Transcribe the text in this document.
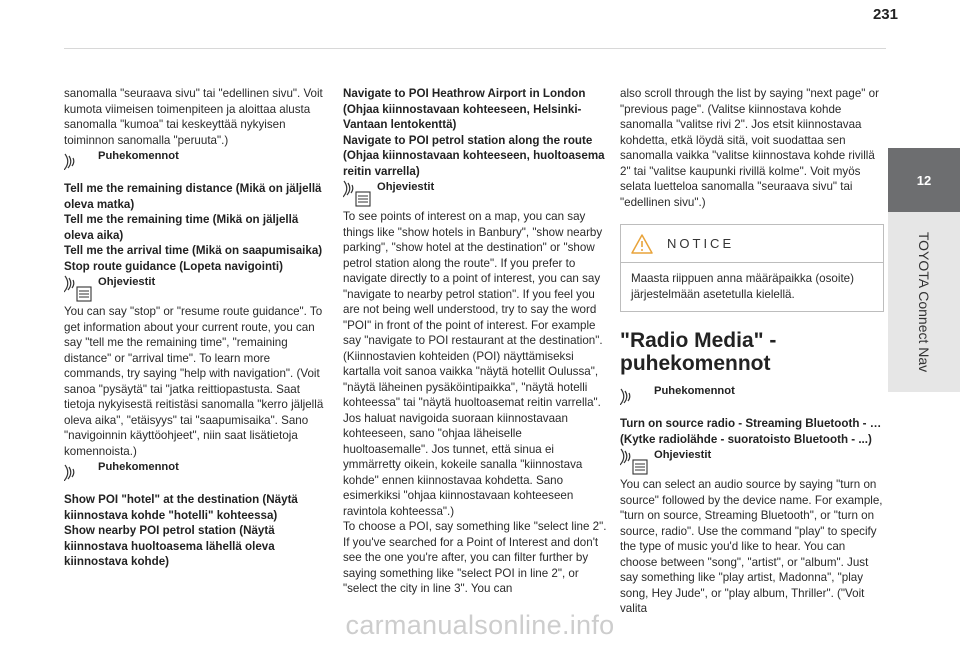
231
12
TOYOTA Connect Nav

sanomalla "seuraava sivu" tai "edellinen sivu". Voit kumota viimeisen toimenpiteen ja aloittaa alusta sanomalla "kumoa" tai keskeyttää nykyisen toiminnon sanomalla "peruuta".)

Puhekomennot

Tell me the remaining distance (Mikä on jäljellä oleva matka)

Tell me the remaining time (Mikä on jäljellä oleva aika)

Tell me the arrival time (Mikä on saapumisaika)

Stop route guidance (Lopeta navigointi)

Ohjeviestit

You can say "stop" or "resume route guidance". To get information about your current route, you can say "tell me the remaining time", "remaining distance" or "arrival time". To learn more commands, try saying "help with navigation". (Voit sanoa "pysäytä" tai "jatka reittiopastusta. Saat tietoja nykyisestä reitistäsi sanomalla "kerro jäljellä oleva aika", "etäisyys" tai "saapumisaika". Sano "navigoinnin käyttöohjeet", niin saat lisätietoja komennoista.)

Puhekomennot

Show POI "hotel" at the destination (Näytä kiinnostava kohde "hotelli" kohteessa)

Show nearby POI petrol station (Näytä kiinnostava huoltoasema lähellä oleva kiinnostava kohde)

Navigate to POI Heathrow Airport in London (Ohjaa kiinnostavaan kohteeseen, Helsinki-Vantaan lentokenttä)

Navigate to POI petrol station along the route (Ohjaa kiinnostavaan kohteeseen, huoltoasema reitin varrella)

Ohjeviestit

To see points of interest on a map, you can say things like "show hotels in Banbury", "show nearby parking", "show hotel at the destination" or "show petrol station along the route". If you prefer to navigate directly to a point of interest, you can say "navigate to nearby petrol station". If you feel you are not being well understood, try to say the word "POI" in front of the point of interest. For example say "navigate to POI restaurant at the destination". (Kiinnostavien kohteiden (POI) näyttämiseksi kartalla voit sanoa vaikka "näytä hotellit Oulussa", "näytä läheinen pysäköintipaikka", "näytä hotelli kohteessa" tai "näytä huoltoasemat reitin varrella". Jos haluat navigoida suoraan kiinnostavaan kohteeseen, sano "ohjaa läheiselle huoltoasemalle". Jos tunnet, että sinua ei ymmärretty oikein, kokeile sanalla "kiinnostava kohde" ennen kiinnostavaa kohdetta. Sano esimerkiksi "ohjaa kiinnostavaan kohteeseen ravintola kohteessa".)

To choose a POI, say something like "select line 2". If you've searched for a Point of Interest and don't see the one you're after, you can filter further by saying something like "select POI in line 2", or "select the city in line 3". You can

also scroll through the list by saying "next page" or "previous page". (Valitse kiinnostava kohde sanomalla "valitse rivi 2". Jos etsit kiinnostavaa kohdetta, etkä löydä sitä, voit suodattaa sen sanomalla vaikka "valitse kiinnostava kohde rivillä 2" tai "valitse kaupunki rivillä kolme". Voit myös selata luetteloa sanomalla "seuraava sivu" tai "edellinen sivu".)

NOTICE
Maasta riippuen anna määräpaikka (osoite) järjestelmään asetetulla kielellä.
"Radio Media" -puhekomennot
Puhekomennot

Turn on source radio - Streaming Bluetooth - … (Kytke radiolähde - suoratoisto Bluetooth - ...)

Ohjeviestit

You can select an audio source by saying "turn on source" followed by the device name. For example, "turn on source, Streaming Bluetooth", or "turn on source, radio". Use the command "play" to specify the type of music you'd like to hear. You can choose between "song", "artist", or "album". Just say something like "play artist, Madonna", "play song, Hey Jude", or "play album, Thriller". ("Voit valita

carmanualsonline.info
